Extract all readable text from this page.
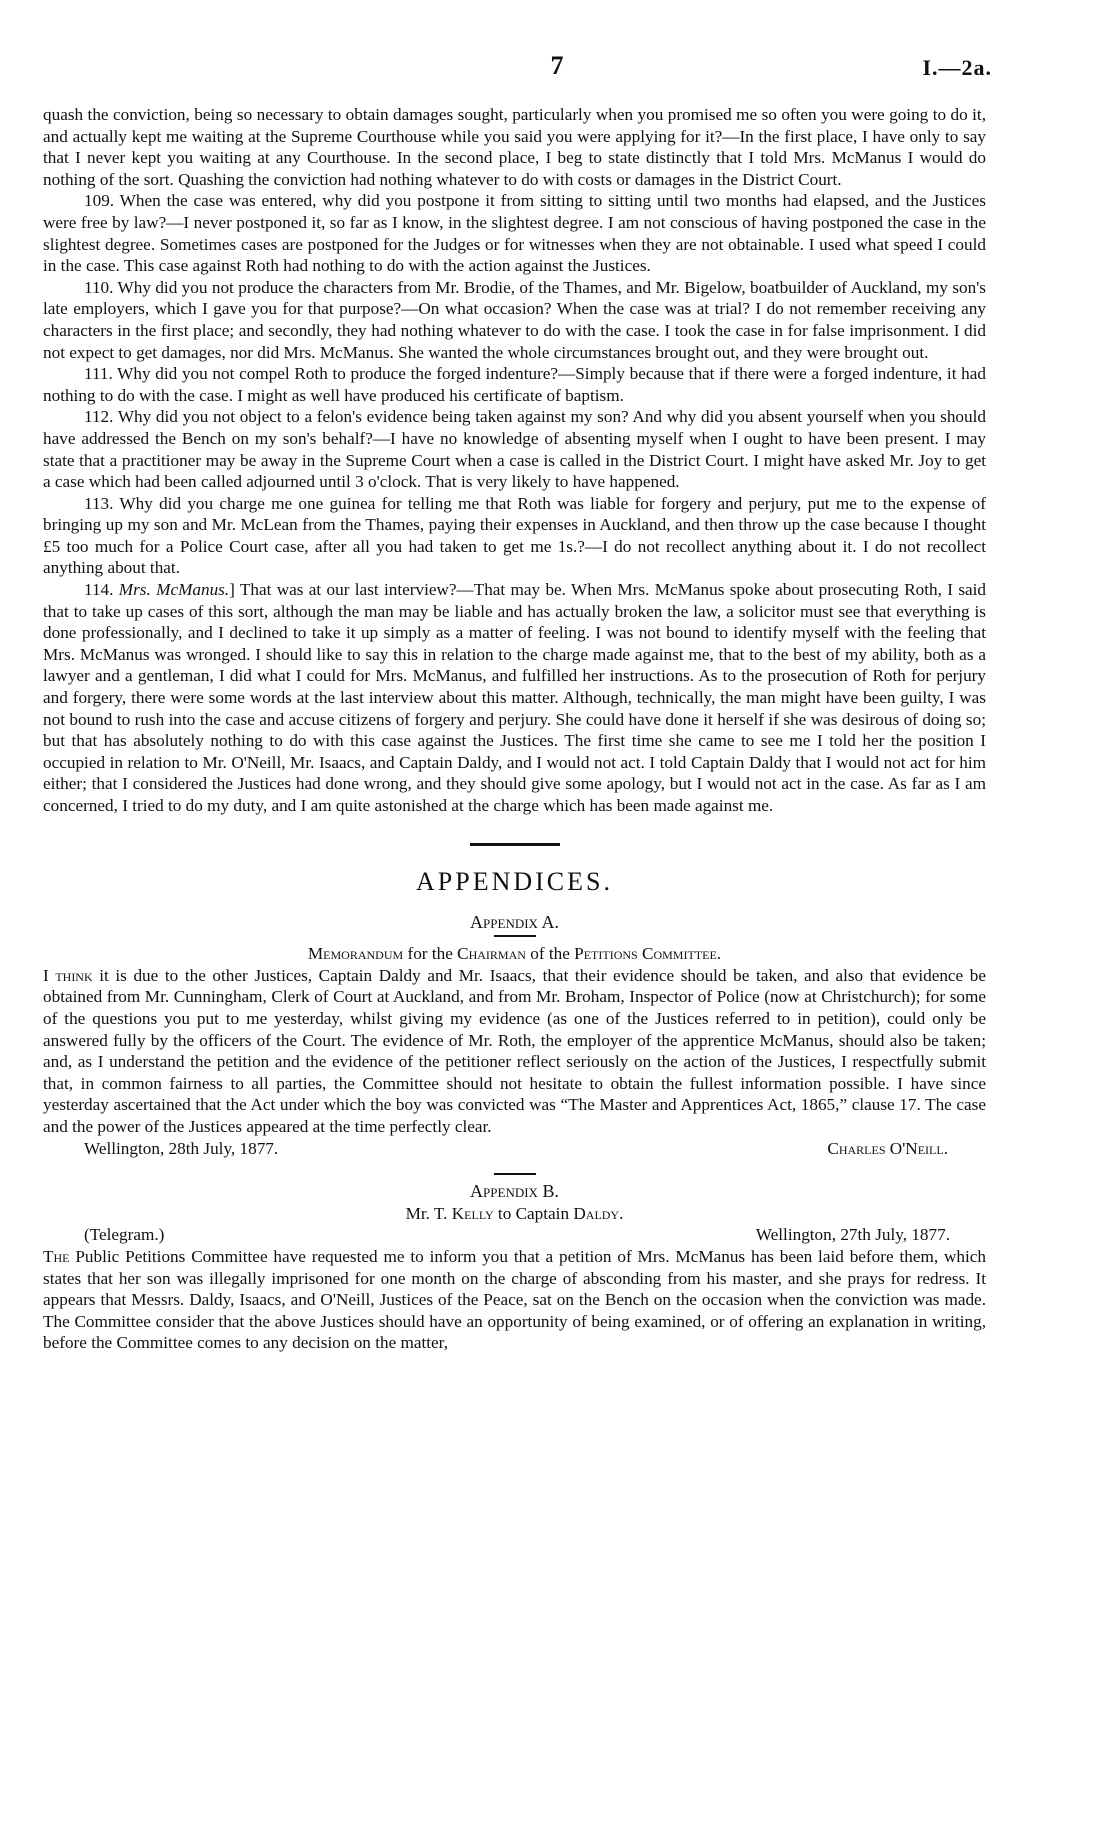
7	I.—2a.

quash the conviction, being so necessary to obtain damages sought, particularly when you promised me so often you were going to do it, and actually kept me waiting at the Supreme Courthouse while you said you were applying for it?—In the first place, I have only to say that I never kept you waiting at any Courthouse. In the second place, I beg to state distinctly that I told Mrs. McManus I would do nothing of the sort. Quashing the conviction had nothing whatever to do with costs or damages in the District Court.

109. When the case was entered, why did you postpone it from sitting to sitting until two months had elapsed, and the Justices were free by law?—I never postponed it, so far as I know, in the slightest degree. I am not conscious of having postponed the case in the slightest degree. Sometimes cases are postponed for the Judges or for witnesses when they are not obtainable. I used what speed I could in the case. This case against Roth had nothing to do with the action against the Justices.

110. Why did you not produce the characters from Mr. Brodie, of the Thames, and Mr. Bigelow, boatbuilder of Auckland, my son's late employers, which I gave you for that purpose?—On what occasion? When the case was at trial? I do not remember receiving any characters in the first place; and secondly, they had nothing whatever to do with the case. I took the case in for false imprisonment. I did not expect to get damages, nor did Mrs. McManus. She wanted the whole circumstances brought out, and they were brought out.

111. Why did you not compel Roth to produce the forged indenture?—Simply because that if there were a forged indenture, it had nothing to do with the case. I might as well have produced his certificate of baptism.

112. Why did you not object to a felon's evidence being taken against my son? And why did you absent yourself when you should have addressed the Bench on my son's behalf?—I have no knowledge of absenting myself when I ought to have been present. I may state that a practitioner may be away in the Supreme Court when a case is called in the District Court. I might have asked Mr. Joy to get a case which had been called adjourned until 3 o'clock. That is very likely to have happened.

113. Why did you charge me one guinea for telling me that Roth was liable for forgery and perjury, put me to the expense of bringing up my son and Mr. McLean from the Thames, paying their expenses in Auckland, and then throw up the case because I thought £5 too much for a Police Court case, after all you had taken to get me 1s.?—I do not recollect anything about it. I do not recollect anything about that.

114. Mrs. McManus.] That was at our last interview?—That may be. When Mrs. McManus spoke about prosecuting Roth, I said that to take up cases of this sort, although the man may be liable and has actually broken the law, a solicitor must see that everything is done professionally, and I declined to take it up simply as a matter of feeling. I was not bound to identify myself with the feeling that Mrs. McManus was wronged. I should like to say this in relation to the charge made against me, that to the best of my ability, both as a lawyer and a gentleman, I did what I could for Mrs. McManus, and fulfilled her instructions. As to the prosecution of Roth for perjury and forgery, there were some words at the last interview about this matter. Although, technically, the man might have been guilty, I was not bound to rush into the case and accuse citizens of forgery and perjury. She could have done it herself if she was desirous of doing so; but that has absolutely nothing to do with this case against the Justices. The first time she came to see me I told her the position I occupied in relation to Mr. O'Neill, Mr. Isaacs, and Captain Daldy, and I would not act. I told Captain Daldy that I would not act for him either; that I considered the Justices had done wrong, and they should give some apology, but I would not act in the case. As far as I am concerned, I tried to do my duty, and I am quite astonished at the charge which has been made against me.

APPENDICES.
Appendix A.

Memorandum for the Chairman of the Petitions Committee.

I think it is due to the other Justices, Captain Daldy and Mr. Isaacs, that their evidence should be taken, and also that evidence be obtained from Mr. Cunningham, Clerk of Court at Auckland, and from Mr. Broham, Inspector of Police (now at Christchurch); for some of the questions you put to me yesterday, whilst giving my evidence (as one of the Justices referred to in petition), could only be answered fully by the officers of the Court. The evidence of Mr. Roth, the employer of the apprentice McManus, should also be taken; and, as I understand the petition and the evidence of the petitioner reflect seriously on the action of the Justices, I respectfully submit that, in common fairness to all parties, the Committee should not hesitate to obtain the fullest information possible. I have since yesterday ascertained that the Act under which the boy was convicted was “The Master and Apprentices Act, 1865,” clause 17. The case and the power of the Justices appeared at the time perfectly clear.

Wellington, 28th July, 1877.	Charles O'Neill.
Appendix B.

Mr. T. Kelly to Captain Daldy.

(Telegram.)	Wellington, 27th July, 1877.

The Public Petitions Committee have requested me to inform you that a petition of Mrs. McManus has been laid before them, which states that her son was illegally imprisoned for one month on the charge of absconding from his master, and she prays for redress. It appears that Messrs. Daldy, Isaacs, and O'Neill, Justices of the Peace, sat on the Bench on the occasion when the conviction was made. The Committee consider that the above Justices should have an opportunity of being examined, or of offering an explanation in writing, before the Committee comes to any decision on the matter,
